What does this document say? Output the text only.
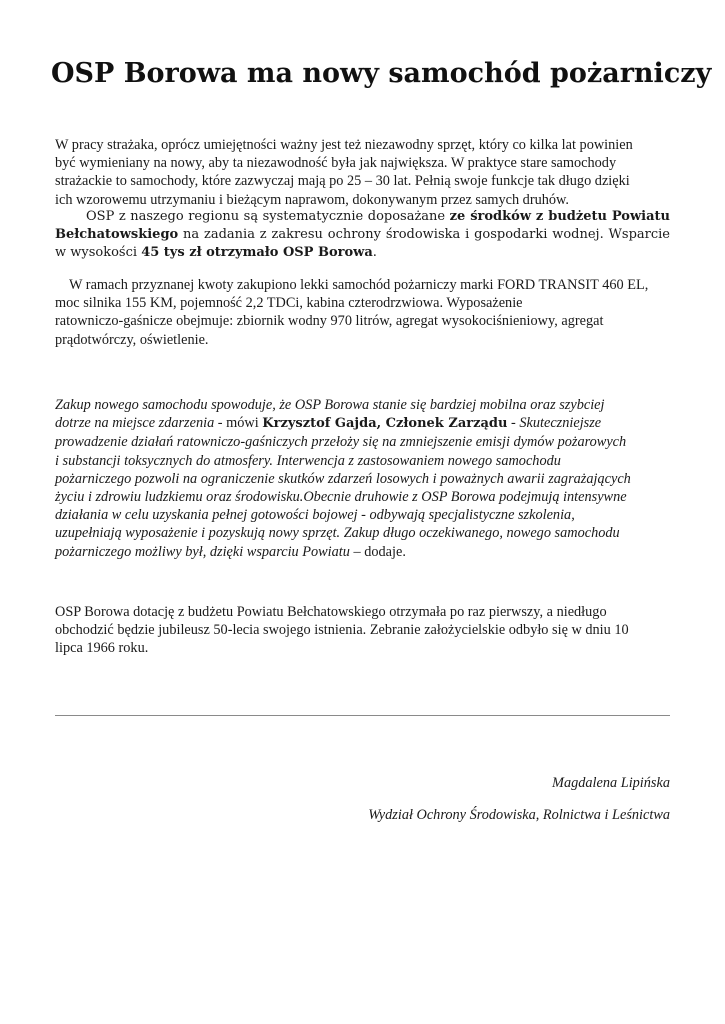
OSP Borowa ma nowy samochód pożarniczy
W pracy strażaka, oprócz umiejętności ważny jest też niezawodny sprzęt, który co kilka lat powinien
być wymieniany na nowy, aby ta niezawodność była jak największa. W praktyce stare samochody
strażackie to samochody, które zazwyczaj mają po 25 – 30 lat. Pełnią swoje funkcje tak długo dzięki
ich wzorowemu utrzymaniu i bieżącym naprawom, dokonywanym przez samych druhów.

OSP z naszego regionu są systematycznie doposażane ze środków z budżetu Powiatu Bełchatowskiego na zadania z zakresu ochrony środowiska i gospodarki wodnej. Wsparcie w wysokości 45 tys zł otrzymało OSP Borowa.

W ramach przyznanej kwoty zakupiono lekki samochód pożarniczy marki FORD TRANSIT 460 EL,
moc silnika 155 KM, pojemność 2,2 TDCi, kabina czterodrzwiowa. Wyposażenie
ratowniczo-gaśnicze obejmuje: zbiornik wodny 970 litrów, agregat wysokociśnieniowy, agregat
prądotwórczy, oświetlenie.
Zakup nowego samochodu spowoduje, że OSP Borowa stanie się bardziej mobilna oraz szybciej
dotrze na miejsce zdarzenia - mówi Krzysztof Gajda, Członek Zarządu - Skuteczniejsze
prowadzenie działań ratowniczo-gaśniczych przełoży się na zmniejszenie emisji dymów pożarowych
i substancji toksycznych do atmosfery. Interwencja z zastosowaniem nowego samochodu
pożarniczego pozwoli na ograniczenie skutków zdarzeń losowych i poważnych awarii zagrażających
życiu i zdrowiu ludzkiemu oraz środowisku.Obecnie druhowie z OSP Borowa podejmują intensywne
działania w celu uzyskania pełnej gotowości bojowej - odbywają specjalistyczne szkolenia,
uzupełniają wyposażenie i pozyskują nowy sprzęt. Zakup długo oczekiwanego, nowego samochodu
pożarniczego możliwy był, dzięki wsparciu Powiatu – dodaje.
OSP Borowa dotację z budżetu Powiatu Bełchatowskiego otrzymała po raz pierwszy, a niedługo
obchodzić będzie jubileusz 50-lecia swojego istnienia. Zebranie założycielskie odbyło się w dniu 10
lipca 1966 roku.
Magdalena Lipińska
Wydział Ochrony Środowiska, Rolnictwa i Leśnictwa
